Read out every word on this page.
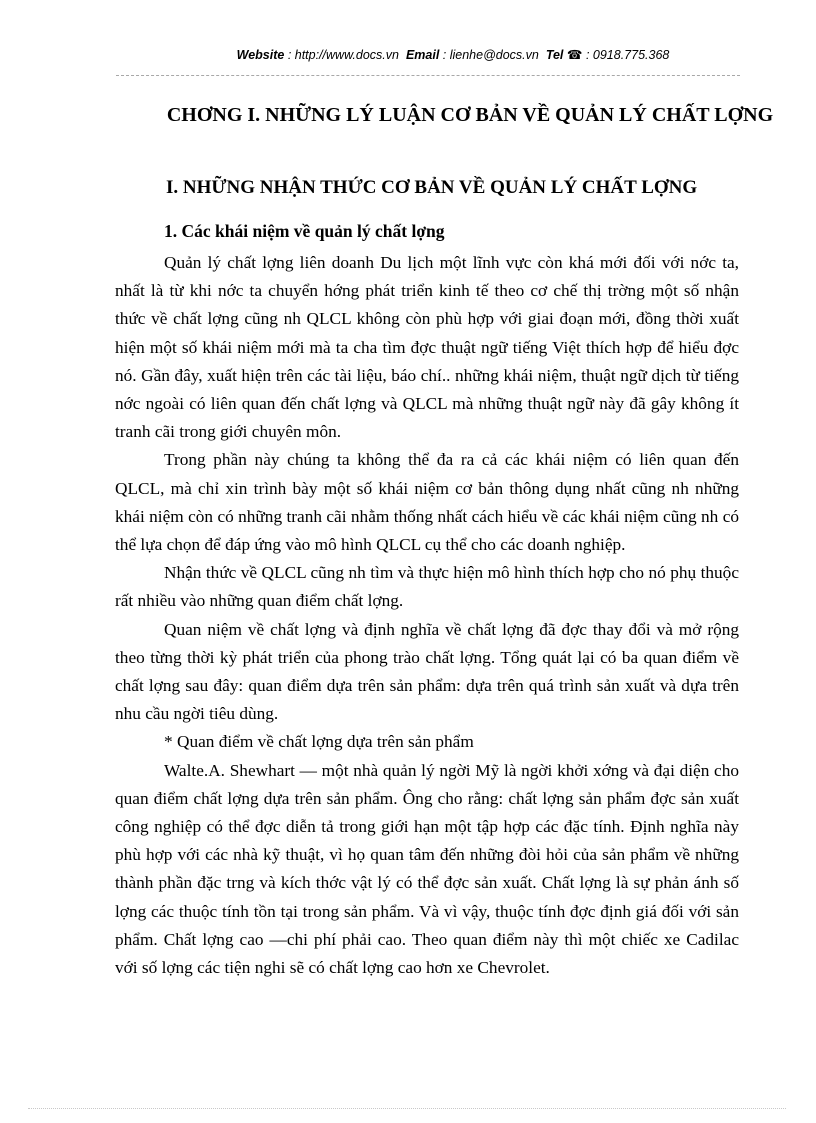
Website : http://www.docs.vn Email : lienhe@docs.vn Tel ☎ : 0918.775.368
CHƠNG I. NHỮNG LÝ LUẬN CƠ BẢN VỀ QUẢN LÝ CHẤT LỢNG
I. NHỮNG NHẬN THỨC CƠ BẢN VỀ QUẢN LÝ CHẤT LỢNG
1. Các khái niệm về quản lý chất lợng

Quản lý chất lợng liên doanh Du lịch một lĩnh vực còn khá mới đối với nớc ta, nhất là từ khi nớc ta chuyển hớng phát triển kinh tế theo cơ chế thị trờng một số nhận thức về chất lợng cũng nh QLCL không còn phù hợp với giai đoạn mới, đồng thời xuất hiện một số khái niệm mới mà ta cha tìm đợc thuật ngữ tiếng Việt thích hợp để hiểu đợc nó. Gần đây, xuất hiện trên các tài liệu, báo chí.. những khái niệm, thuật ngữ dịch từ tiếng nớc ngoài có liên quan đến chất lợng và QLCL mà những thuật ngữ này đã gây không ít tranh cãi trong giới chuyên môn.

Trong phần này chúng ta không thể đa ra cả các khái niệm có liên quan đến QLCL, mà chỉ xin trình bày một số khái niệm cơ bản thông dụng nhất cũng nh những khái niệm còn có những tranh cãi nhằm thống nhất cách hiểu về các khái niệm cũng nh có thể lựa chọn để đáp ứng vào mô hình QLCL cụ thể cho các doanh nghiệp.

Nhận thức về QLCL cũng nh tìm và thực hiện mô hình thích hợp cho nó phụ thuộc rất nhiều vào những quan điểm chất lợng.

Quan niệm về chất lợng và định nghĩa về chất lợng đã đợc thay đổi và mở rộng theo từng thời kỳ phát triển của phong trào chất lợng. Tổng quát lại có ba quan điểm về chất lợng sau đây: quan điểm dựa trên sản phẩm: dựa trên quá trình sản xuất và dựa trên nhu cầu ngời tiêu dùng.

* Quan điểm về chất lợng dựa trên sản phẩm

Walte.A. Shewhart — một nhà quản lý ngời Mỹ là ngời khởi xớng và đại diện cho quan điểm chất lợng dựa trên sản phẩm. Ông cho rằng: chất lợng sản phẩm đợc sản xuất công nghiệp có thể đợc diễn tả trong giới hạn một tập hợp các đặc tính. Định nghĩa này phù hợp với các nhà kỹ thuật, vì họ quan tâm đến những đòi hỏi của sản phẩm về những thành phần đặc trng và kích thớc vật lý có thể đợc sản xuất. Chất lợng là sự phản ánh số lợng các thuộc tính tồn tại trong sản phẩm. Và vì vậy, thuộc tính đợc định giá đối với sản phẩm. Chất lợng cao —chi phí phải cao. Theo quan điểm này thì một chiếc xe Cadilac với số lợng các tiện nghi sẽ có chất lợng cao hơn xe Chevrolet.
